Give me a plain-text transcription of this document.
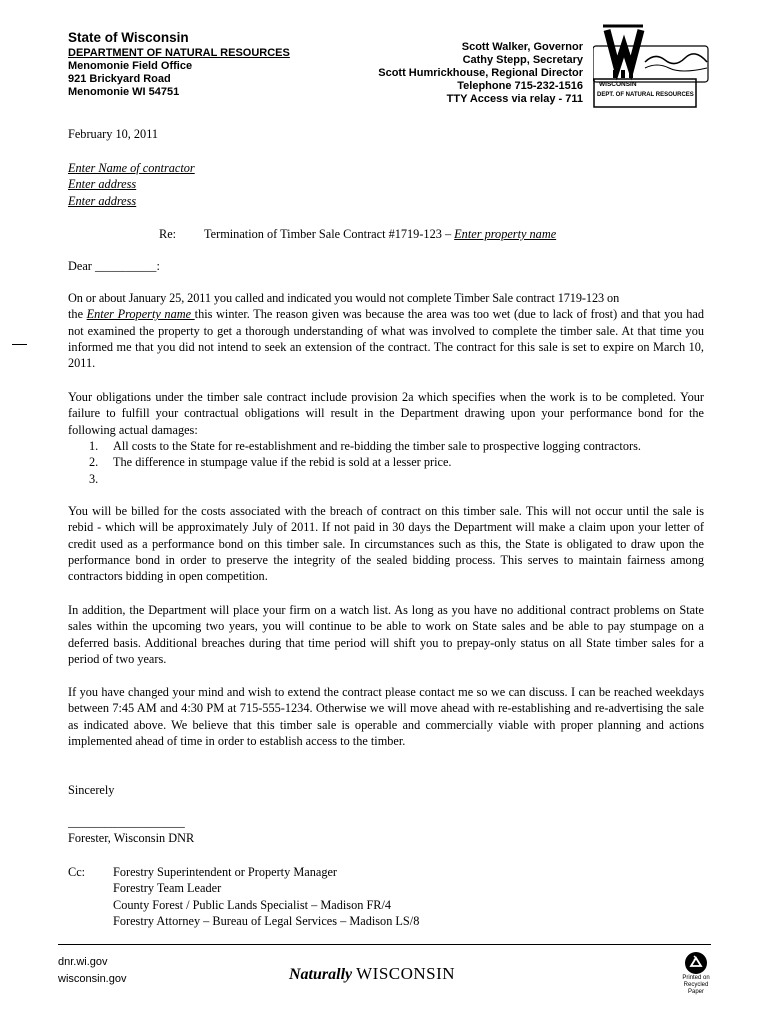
State of Wisconsin
DEPARTMENT OF NATURAL RESOURCES
Menomonie Field Office
921 Brickyard Road
Menomonie WI 54751
Scott Walker, Governor
Cathy Stepp, Secretary
Scott Humrickhouse, Regional Director
Telephone 715-232-1516
TTY Access via relay - 711
WISCONSIN
DEPT. OF NATURAL RESOURCES
February 10, 2011
Enter Name of contractor
Enter address
Enter address
Re: Termination of Timber Sale Contract #1719-123 – Enter property name
Dear __________:
On or about January 25, 2011 you called and indicated you would not complete Timber Sale contract 1719-123 on
the Enter Property name this winter. The reason given was because the area was too wet (due to lack of frost) and that you had not examined the property to get a thorough understanding of what was involved to complete the timber sale. At that time you informed me that you did not intend to seek an extension of the contract. The contract for this sale is set to expire on March 10, 2011.
Your obligations under the timber sale contract include provision 2a which specifies when the work is to be completed. Your failure to fulfill your contractual obligations will result in the Department drawing upon your performance bond for the following actual damages:
1.	All costs to the State for re-establishment and re-bidding the timber sale to prospective logging contractors.
2.	The difference in stumpage value if the rebid is sold at a lesser price.
3.
You will be billed for the costs associated with the breach of contract on this timber sale. This will not occur until the sale is rebid - which will be approximately July of 2011. If not paid in 30 days the Department will make a claim upon your letter of credit used as a performance bond on this timber sale. In circumstances such as this, the State is obligated to draw upon the performance bond in order to preserve the integrity of the sealed bidding process. This serves to maintain fairness among contractors bidding in open competition.
In addition, the Department will place your firm on a watch list. As long as you have no additional contract problems on State sales within the upcoming two years, you will continue to be able to work on State sales and be able to pay stumpage on a deferred basis. Additional breaches during that time period will shift you to prepay-only status on all State timber sales for a period of two years.
If you have changed your mind and wish to extend the contract please contact me so we can discuss. I can be reached weekdays between 7:45 AM and 4:30 PM at 715-555-1234. Otherwise we will move ahead with re-establishing and re-advertising the sale as indicated above. We believe that this timber sale is operable and commercially viable with proper planning and actions implemented ahead of time in order to establish access to the timber.
Sincerely
___________________
Forester, Wisconsin DNR
Cc: Forestry Superintendent or Property Manager
Forestry Team Leader
County Forest / Public Lands Specialist – Madison FR/4
Forestry Attorney – Bureau of Legal Services – Madison LS/8
dnr.wi.gov
wisconsin.gov	Naturally WISCONSIN	Printed on
Recycled
Paper
